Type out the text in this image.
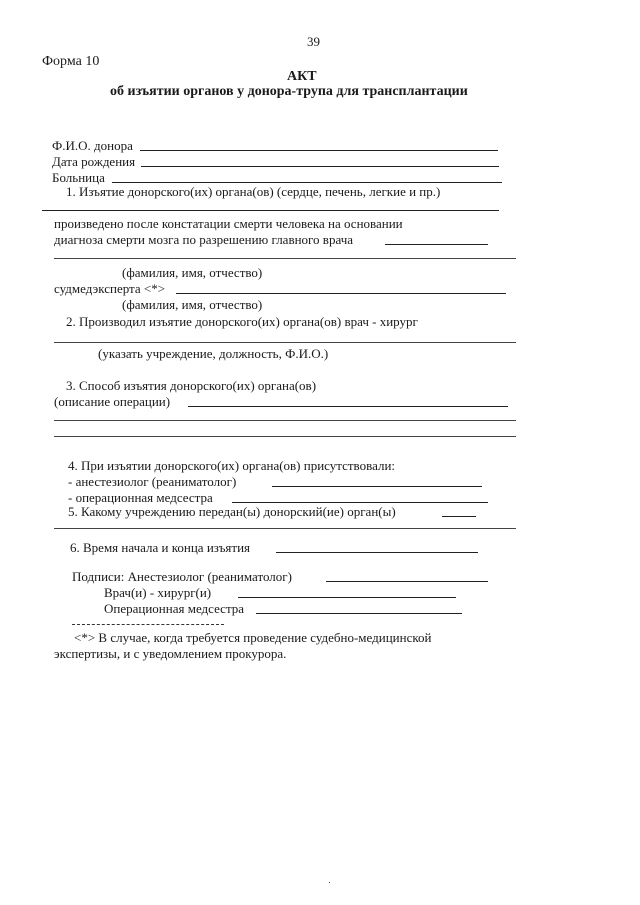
39
Форма 10
АКТ
об изъятии органов у донора-трупа для трансплантации
Ф.И.О. донора
Дата рождения
Больница
1. Изъятие донорского(их) органа(ов) (сердце, печень, легкие и пр.)
произведено после констатации смерти человека на основании
диагноза смерти мозга по разрешению главного врача
(фамилия, имя, отчество)
судмедэксперта <*>
(фамилия, имя, отчество)
2. Производил изъятие донорского(их) органа(ов) врач - хирург
(указать учреждение, должность, Ф.И.О.)
3. Способ изъятия донорского(их) органа(ов)
(описание операции)
4. При изъятии донорского(их) органа(ов) присутствовали:
- анестезиолог (реаниматолог)
- операционная медсестра
5. Какому учреждению передан(ы) донорский(ие) орган(ы)
6. Время начала и конца изъятия
Подписи: Анестезиолог (реаниматолог)
Врач(и) - хирург(и)
Операционная медсестра
<*> В случае, когда требуется проведение судебно-медицинской
экспертизы, и с уведомлением прокурора.
